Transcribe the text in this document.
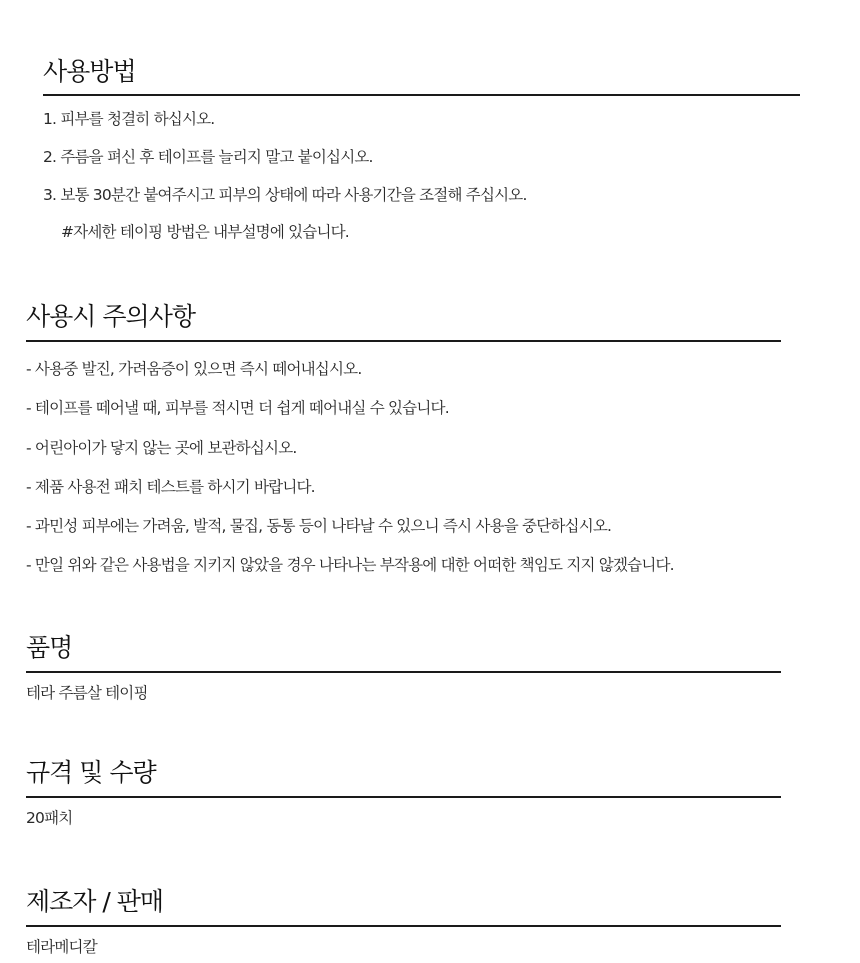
사용방법
1. 피부를 청결히 하십시오.
2. 주름을 펴신 후 테이프를 늘리지 말고 붙이십시오.
3. 보통 30분간 붙여주시고 피부의 상태에 따라 사용기간을 조절해 주십시오.
#자세한 테이핑 방법은 내부설명에 있습니다.
사용시 주의사항
- 사용중 발진, 가려움증이 있으면 즉시 떼어내십시오.
- 테이프를 떼어낼 때, 피부를 적시면 더 쉽게 떼어내실 수 있습니다.
- 어린아이가 닿지 않는 곳에 보관하십시오.
- 제품 사용전 패치 테스트를 하시기 바랍니다.
- 과민성 피부에는 가려움, 발적, 물집, 동통 등이 나타날 수 있으니 즉시 사용을 중단하십시오.
- 만일 위와 같은 사용법을 지키지 않았을 경우 나타나는 부작용에 대한 어떠한 책임도 지지 않겠습니다.
품명

테라 주름살 테이핑

규격 및 수량

20패치

제조자 / 판매

테라메디칼
